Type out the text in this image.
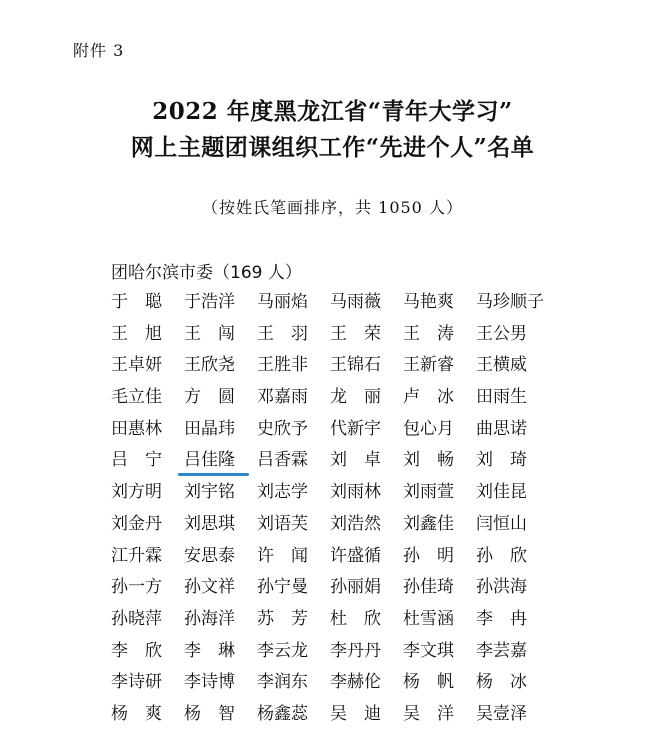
附件 3
2022 年度黑龙江省“青年大学习”
网上主题团课组织工作“先进个人”名单
（按姓氏笔画排序，共 1050 人）
团哈尔滨市委（169 人）
于　聪	于浩洋	马丽焰	马雨薇	马艳爽	马珍顺子
王　旭	王　闯	王　羽	王　荣	王　涛	王公男
王卓妍	王欣尧	王胜非	王锦石	王新睿	王横威
毛立佳	方　圆	邓嘉雨	龙　丽	卢　冰	田雨生
田惠林	田晶玮	史欣予	代新宇	包心月	曲思诺
吕　宁	吕佳隆	吕香霖	刘　卓	刘　畅	刘　琦
刘方明	刘宇铭	刘志学	刘雨林	刘雨萱	刘佳昆
刘金丹	刘思琪	刘语芙	刘浩然	刘鑫佳	闫恒山
江升霖	安思泰	许　闻	许盛循	孙　明	孙　欣
孙一方	孙文祥	孙宁曼	孙丽娟	孙佳琦	孙洪海
孙晓萍	孙海洋	苏　芳	杜　欣	杜雪涵	李　冉
李　欣	李　琳	李云龙	李丹丹	李文琪	李芸嘉
李诗研	李诗博	李润东	李赫伦	杨　帆	杨　冰
杨　爽	杨　智	杨鑫蕊	吴　迪	吴　洋	吴壹泽
